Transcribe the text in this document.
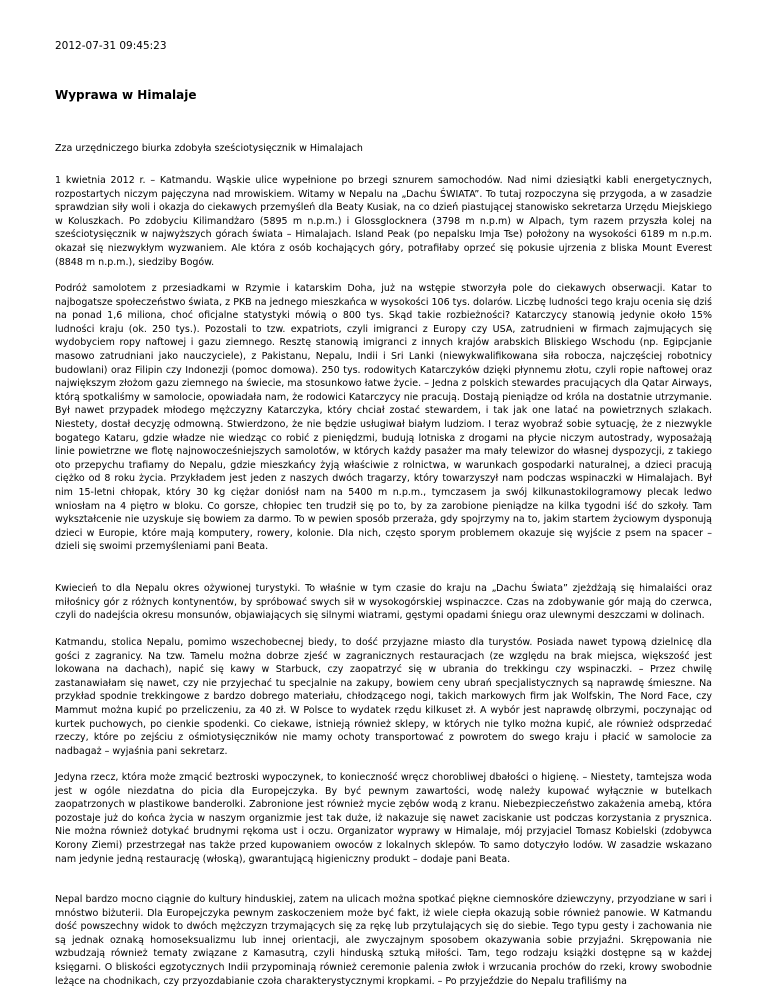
2012-07-31 09:45:23
Wyprawa w Himalaje

Zza urzędniczego biurka zdobyła sześciotysięcznik w Himalajach

1 kwietnia 2012 r. – Katmandu. Wąskie ulice wypełnione po brzegi sznurem samochodów. Nad nimi dziesiątki kabli energetycznych, rozpostartych niczym pajęczyna nad mrowiskiem. Witamy w Nepalu na „Dachu ŚWIATA”. To tutaj rozpoczyna się przygoda, a w zasadzie sprawdzian siły woli i okazja do ciekawych przemyśleń dla Beaty Kusiak, na co dzień piastującej stanowisko sekretarza Urzędu Miejskiego w Koluszkach. Po zdobyciu Kilimandżaro (5895 m n.p.m.) i Glossglocknera (3798 m n.p.m) w Alpach, tym razem przyszła kolej na sześciotysięcznik w najwyższych górach świata – Himalajach. Island Peak (po nepalsku Imja Tse) położony na wysokości 6189 m n.p.m. okazał się niezwykłym wyzwaniem. Ale która z osób kochających góry, potrafiłaby oprzeć się pokusie ujrzenia z bliska Mount Everest (8848 m n.p.m.), siedziby Bogów.

Podróż samolotem z przesiadkami w Rzymie i katarskim Doha, już na wstępie stworzyła pole do ciekawych obserwacji. Katar to najbogatsze społeczeństwo świata, z PKB na jednego mieszkańca w wysokości 106 tys. dolarów. Liczbę ludności tego kraju ocenia się dziś na ponad 1,6 miliona, choć oficjalne statystyki mówią o 800 tys. Skąd takie rozbieżności? Katarczycy stanowią jedynie około 15% ludności kraju (ok. 250 tys.). Pozostali to tzw. expatriots, czyli imigranci z Europy czy USA, zatrudnieni w firmach zajmujących się wydobyciem ropy naftowej i gazu ziemnego. Resztę stanowią imigranci z innych krajów arabskich Bliskiego Wschodu (np. Egipcjanie masowo zatrudniani jako nauczyciele), z Pakistanu, Nepalu, Indii i Sri Lanki (niewykwalifikowana siła robocza, najczęściej robotnicy budowlani) oraz Filipin czy Indonezji (pomoc domowa). 250 tys. rodowitych Katarczyków dzięki płynnemu złotu, czyli ropie naftowej oraz największym złożom gazu ziemnego na świecie, ma stosunkowo łatwe życie. – Jedna z polskich stewardes pracujących dla Qatar Airways, którą spotkaliśmy w samolocie, opowiadała nam, że rodowici Katarczycy nie pracują. Dostają pieniądze od króla na dostatnie utrzymanie. Był nawet przypadek młodego mężczyzny Katarczyka, który chciał zostać stewardem, i tak jak one latać na powietrznych szlakach. Niestety, dostał decyzję odmowną. Stwierdzono, że nie będzie usługiwał białym ludziom. I teraz wyobraź sobie sytuację, że z niezwykle bogatego Kataru, gdzie władze nie wiedząc co robić z pieniędzmi, budują lotniska z drogami na płycie niczym autostrady, wyposażają linie powietrzne we flotę najnowocześniejszych samolotów, w których każdy pasażer ma mały telewizor do własnej dyspozycji, z takiego oto przepychu trafiamy do Nepalu, gdzie mieszkańcy żyją właściwie z rolnictwa, w warunkach gospodarki naturalnej, a dzieci pracują ciężko od 8 roku życia. Przykładem jest jeden z naszych dwóch tragarzy, który towarzyszył nam podczas wspinaczki w Himalajach. Był nim 15-letni chłopak, który 30 kg ciężar doniósł nam na 5400 m n.p.m., tymczasem ja swój kilkunastokilogramowy plecak ledwo wniosłam na 4 piętro w bloku. Co gorsze, chłopiec ten trudził się po to, by za zarobione pieniądze na kilka tygodni iść do szkoły. Tam wykształcenie nie uzyskuje się bowiem za darmo. To w pewien sposób przeraża, gdy spojrzymy na to, jakim startem życiowym dysponują dzieci w Europie, które mają komputery, rowery, kolonie. Dla nich, często sporym problemem okazuje się wyjście z psem na spacer – dzieli się swoimi przemyśleniami pani Beata.

Kwiecień to dla Nepalu okres ożywionej turystyki. To właśnie w tym czasie do kraju na „Dachu Świata” zjeżdżają się himalaiści oraz miłośnicy gór z różnych kontynentów, by spróbować swych sił w wysokogórskiej wspinaczce. Czas na zdobywanie gór mają do czerwca, czyli do nadejścia okresu monsunów, objawiających się silnymi wiatrami, gęstymi opadami śniegu oraz ulewnymi deszczami w dolinach.

Katmandu, stolica Nepalu, pomimo wszechobecnej biedy, to dość przyjazne miasto dla turystów. Posiada nawet typową dzielnicę dla gości z zagranicy. Na tzw. Tamelu można dobrze zjeść w zagranicznych restauracjach (ze względu na brak miejsca, większość jest lokowana na dachach), napić się kawy w Starbuck, czy zaopatrzyć się w ubrania do trekkingu czy wspinaczki. – Przez chwilę zastanawiałam się nawet, czy nie przyjechać tu specjalnie na zakupy, bowiem ceny ubrań specjalistycznych są naprawdę śmieszne. Na przykład spodnie trekkingowe z bardzo dobrego materiału, chłodzącego nogi, takich markowych firm jak Wolfskin, The Nord Face, czy Mammut można kupić po przeliczeniu, za 40 zł. W Polsce to wydatek rzędu kilkuset zł. A wybór jest naprawdę olbrzymi, poczynając od kurtek puchowych, po cienkie spodenki. Co ciekawe, istnieją również sklepy, w których nie tylko można kupić, ale również odsprzedać rzeczy, które po zejściu z ośmiotysięczników nie mamy ochoty transportować z powrotem do swego kraju i płacić w samolocie za nadbagaż – wyjaśnia pani sekretarz.

Jedyna rzecz, która może zmącić beztroski wypoczynek, to konieczność wręcz chorobliwej dbałości o higienę. – Niestety, tamtejsza woda jest w ogóle niezdatna do picia dla Europejczyka. By być pewnym zawartości, wodę należy kupować wyłącznie w butelkach zaopatrzonych w plastikowe banderolki. Zabronione jest również mycie zębów wodą z kranu. Niebezpieczeństwo zakażenia amebą, która pozostaje już do końca życia w naszym organizmie jest tak duże, iż nakazuje się nawet zaciskanie ust podczas korzystania z prysznica. Nie można również dotykać brudnymi rękoma ust i oczu. Organizator wyprawy w Himalaje, mój przyjaciel Tomasz Kobielski (zdobywca Korony Ziemi) przestrzegał nas także przed kupowaniem owoców z lokalnych sklepów. To samo dotyczyło lodów. W zasadzie wskazano nam jedynie jedną restaurację (włoską), gwarantującą higieniczny produkt – dodaje pani Beata.

Nepal bardzo mocno ciągnie do kultury hinduskiej, zatem na ulicach można spotkać piękne ciemnoskóre dziewczyny, przyodziane w sari i mnóstwo biżuterii. Dla Europejczyka pewnym zaskoczeniem może być fakt, iż wiele ciepła okazują sobie również panowie. W Katmandu dość powszechny widok to dwóch mężczyzn trzymających się za rękę lub przytulających się do siebie. Tego typu gesty i zachowania nie są jednak oznaką homoseksualizmu lub innej orientacji, ale zwyczajnym sposobem okazywania sobie przyjaźni. Skrępowania nie wzbudzają również tematy związane z Kamasutrą, czyli hinduską sztuką miłości. Tam, tego rodzaju książki dostępne są w każdej księgarni. O bliskości egzotycznych Indii przypominają również ceremonie palenia zwłok i wrzucania prochów do rzeki, krowy swobodnie leżące na chodnikach, czy przyozdabianie czoła charakterystycznymi kropkami. – Po przyjeździe do Nepalu trafiliśmy na
